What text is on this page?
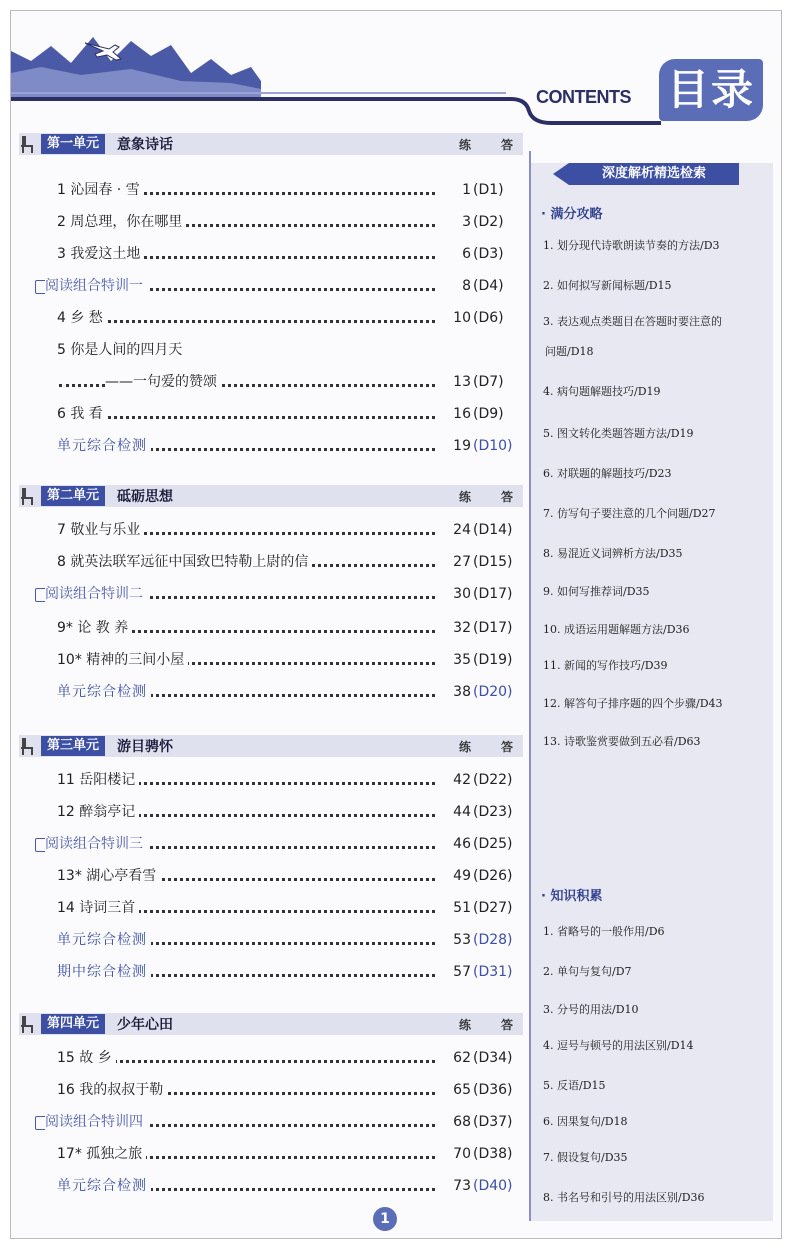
CONTENTS 目录
第一单元	意象诗话	练 答
1 沁园春 · 雪	1 (D1)
2 周总理，你在哪里	3 (D2)
3 我爱这土地	6 (D3)
阅读组合特训一	8 (D4)
4 乡 愁	10 (D6)
5 你是人间的四月天
——一句爱的赞颂	13 (D7)
6 我 看	16 (D9)
单元综合检测	19 (D10)
第二单元	砥砺思想	练 答
7 敬业与乐业	24 (D14)
8 就英法联军远征中国致巴特勒上尉的信	27 (D15)
阅读组合特训二	30 (D17)
9* 论 教 养	32 (D17)
10* 精神的三间小屋	35 (D19)
单元综合检测	38 (D20)
第三单元	游目骋怀	练 答
11 岳阳楼记	42 (D22)
12 醉翁亭记	44 (D23)
阅读组合特训三	46 (D25)
13* 湖心亭看雪	49 (D26)
14 诗词三首	51 (D27)
单元综合检测	53 (D28)
期中综合检测	57 (D31)
第四单元	少年心田	练 答
15 故 乡	62 (D34)
16 我的叔叔于勒	65 (D36)
阅读组合特训四	68 (D37)
17* 孤独之旅	70 (D38)
单元综合检测	73 (D40)
深度解析精选检索
· 满分攻略
1. 划分现代诗歌朗读节奏的方法/D3
2. 如何拟写新闻标题/D15
3. 表达观点类题目在答题时要注意的
问题/D18
4. 病句题解题技巧/D19
5. 图文转化类题答题方法/D19
6. 对联题的解题技巧/D23
7. 仿写句子要注意的几个问题/D27
8. 易混近义词辨析方法/D35
9. 如何写推荐词/D35
10. 成语运用题解题方法/D36
11. 新闻的写作技巧/D39
12. 解答句子排序题的四个步骤/D43
13. 诗歌鉴赏要做到五必看/D63
· 知识积累
1. 省略号的一般作用/D6
2. 单句与复句/D7
3. 分号的用法/D10
4. 逗号与顿号的用法区别/D14
5. 反语/D15
6. 因果复句/D18
7. 假设复句/D35
8. 书名号和引号的用法区别/D36
1
